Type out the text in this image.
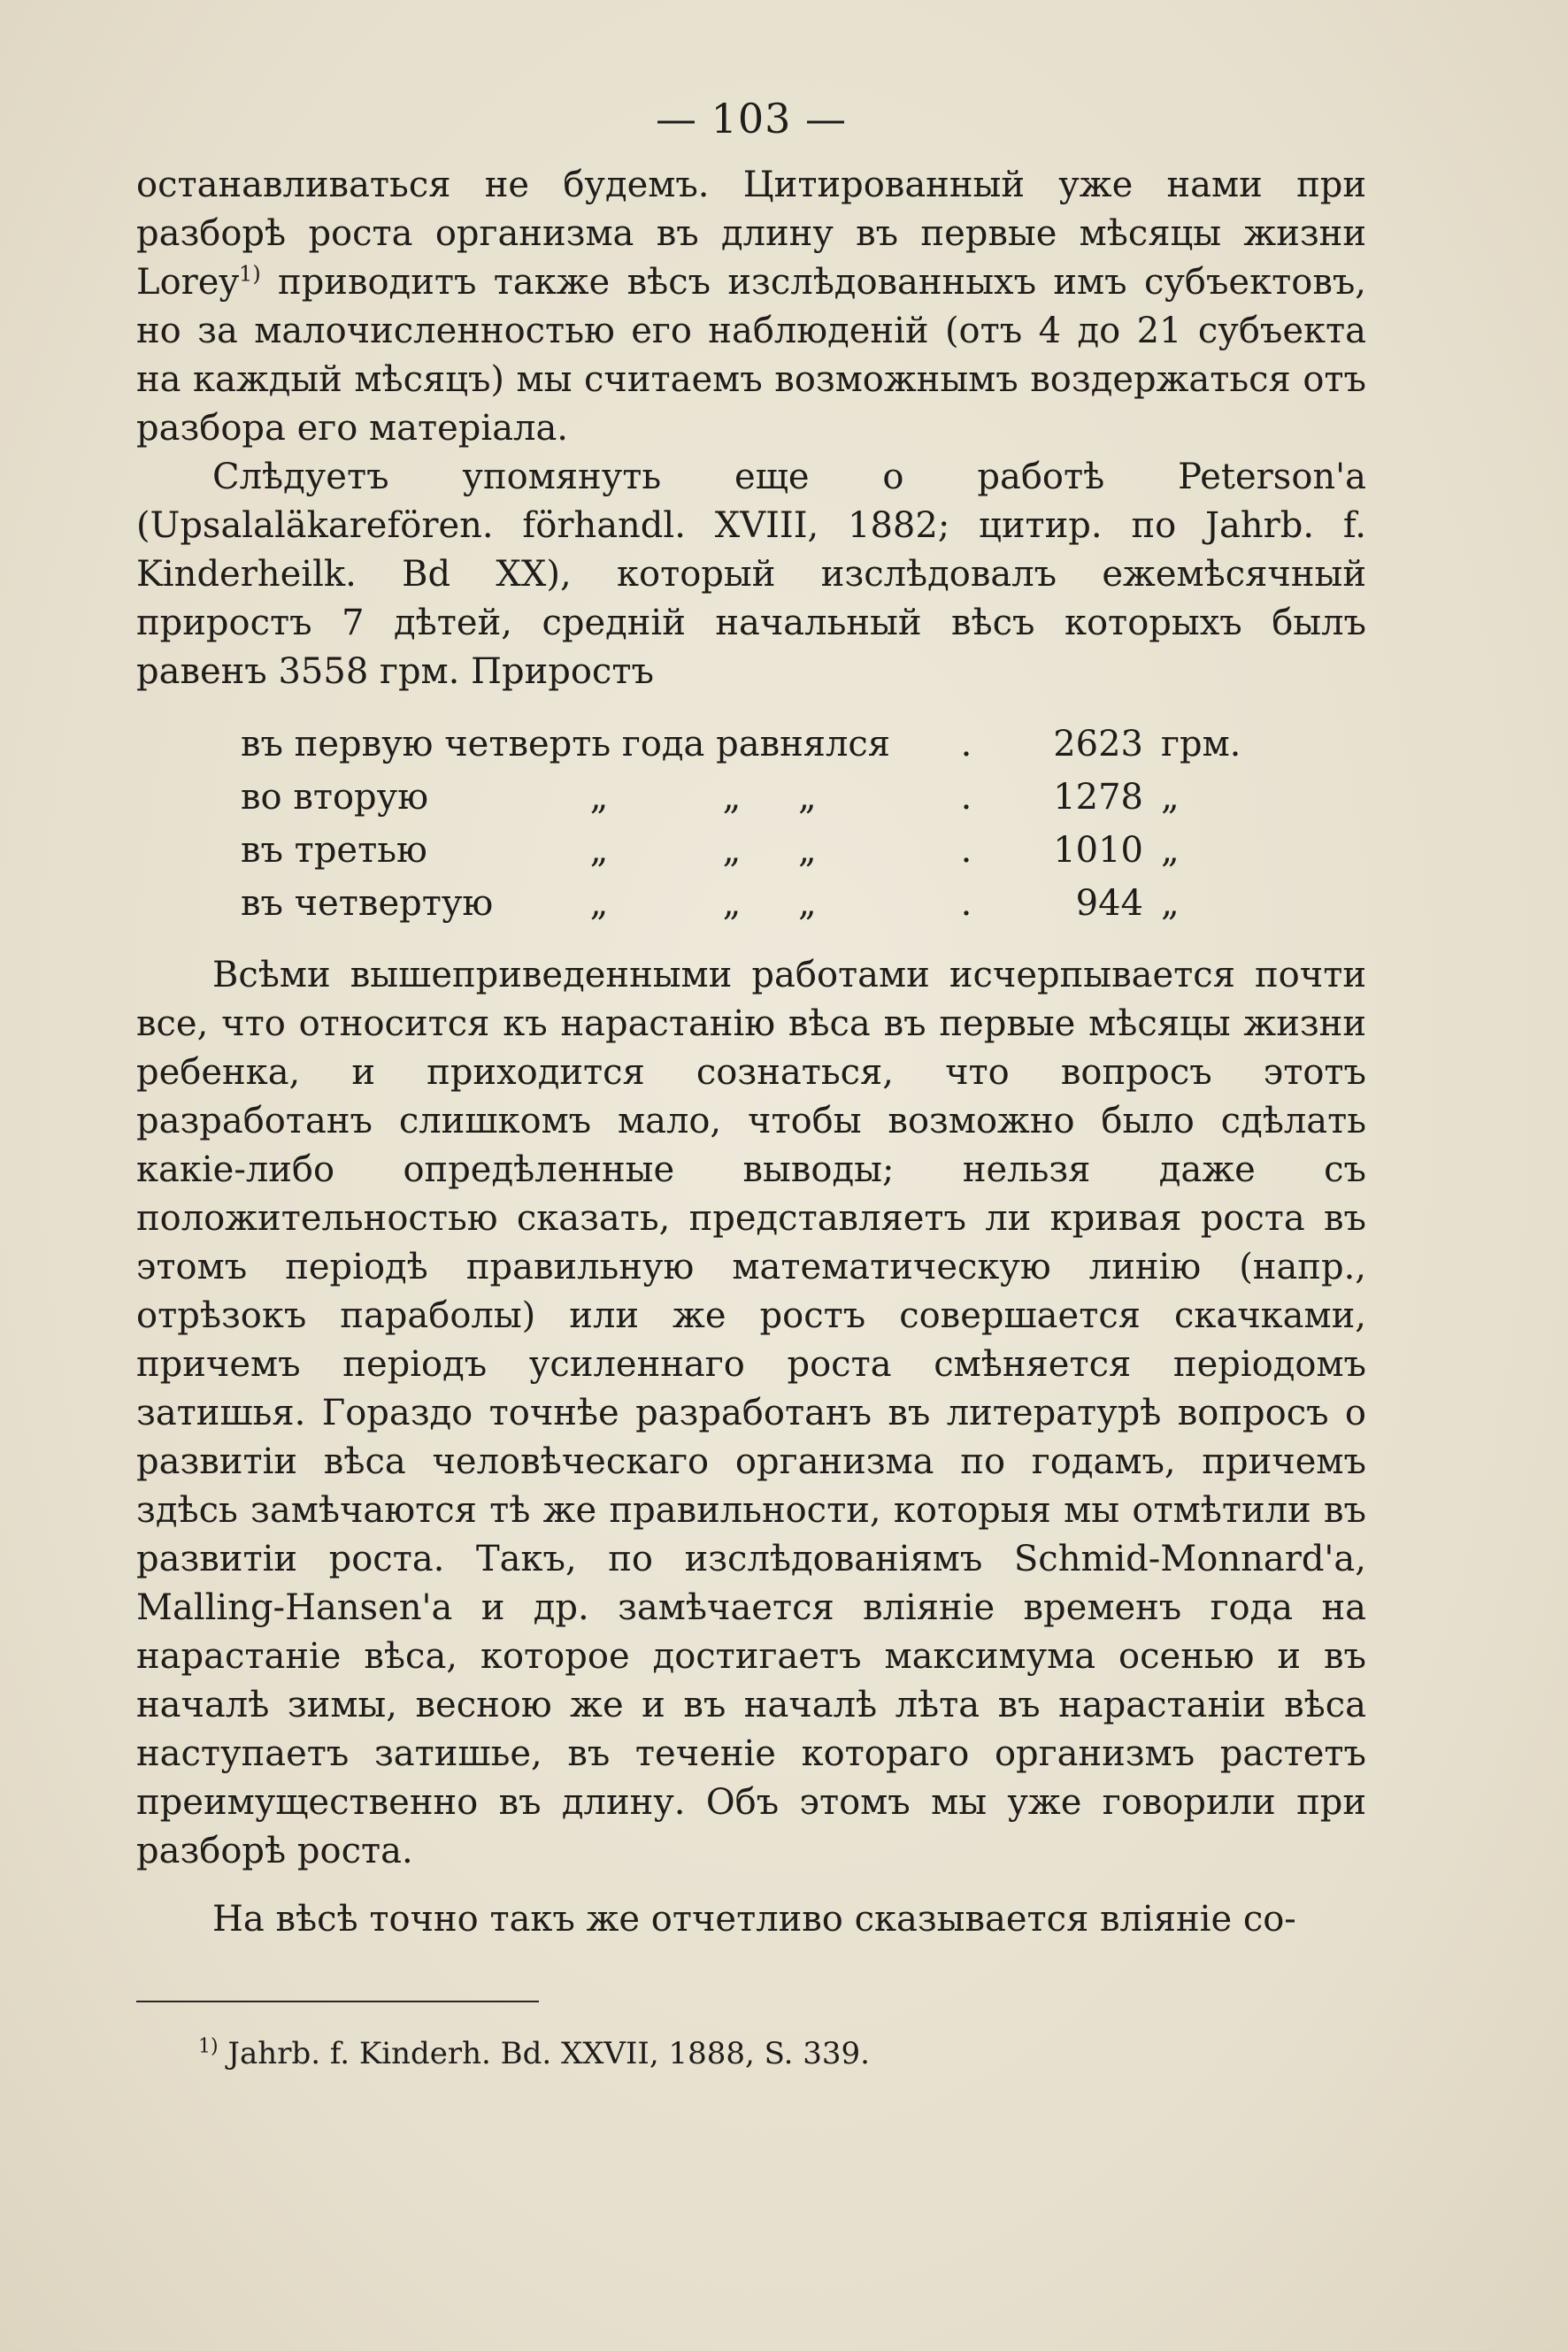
— 103 —

останавливаться не будемъ. Цитированный уже нами при разборѣ роста организма въ длину въ первые мѣсяцы жизни Lorey$^{1)}$ приводитъ также вѣсъ изслѣдованныхъ имъ субъектовъ, но за малочисленностью его наблюденій (отъ 4 до 21 субъекта на каждый мѣсяцъ) мы считаемъ возможнымъ воздержаться отъ разбора его матеріала.

Слѣдуетъ упомянуть еще о работѣ Peterson'a (Upsalaläkarefören. förhandl. XVIII, 1882; цитир. по Jahrb. f. Kinderheilk. Bd XX), который изслѣдовалъ ежемѣсячный приростъ 7 дѣтей, средній начальный вѣсъ которыхъ былъ равенъ 3558 грм. Приростъ

въ первую четверть года равнялся				.	2623	грм.
во вторую	„	„	„	.	1278	„
въ третью	„	„	„	.	1010	„
въ четвертую	„	„	„	.	944	„

Всѣми вышеприведенными работами исчерпывается почти все, что относится къ нарастанію вѣса въ первые мѣсяцы жизни ребенка, и приходится сознаться, что вопросъ этотъ разработанъ слишкомъ мало, чтобы возможно было сдѣлать какіе-либо опредѣленные выводы; нельзя даже съ положительностью сказать, представляетъ ли кривая роста въ этомъ періодѣ правильную математическую линію (напр., отрѣзокъ параболы) или же ростъ совершается скачками, причемъ періодъ усиленнаго роста смѣняется періодомъ затишья. Гораздо точнѣе разработанъ въ литературѣ вопросъ о развитіи вѣса человѣческаго организма по годамъ, причемъ здѣсь замѣчаются тѣ же правильности, которыя мы отмѣтили въ развитіи роста. Такъ, по изслѣдованіямъ Schmid-Monnard'a, Malling-Hansen'a и др. замѣчается вліяніе временъ года на нарастаніе вѣса, которое достигаетъ максимума осенью и въ началѣ зимы, весною же и въ началѣ лѣта въ нарастаніи вѣса наступаетъ затишье, въ теченіе котораго организмъ растетъ преимущественно въ длину. Объ этомъ мы уже говорили при разборѣ роста.

На вѣсѣ точно такъ же отчетливо сказывается вліяніе со-

$^{1)}$ Jahrb. f. Kinderh. Bd. XXVII, 1888, S. 339.
